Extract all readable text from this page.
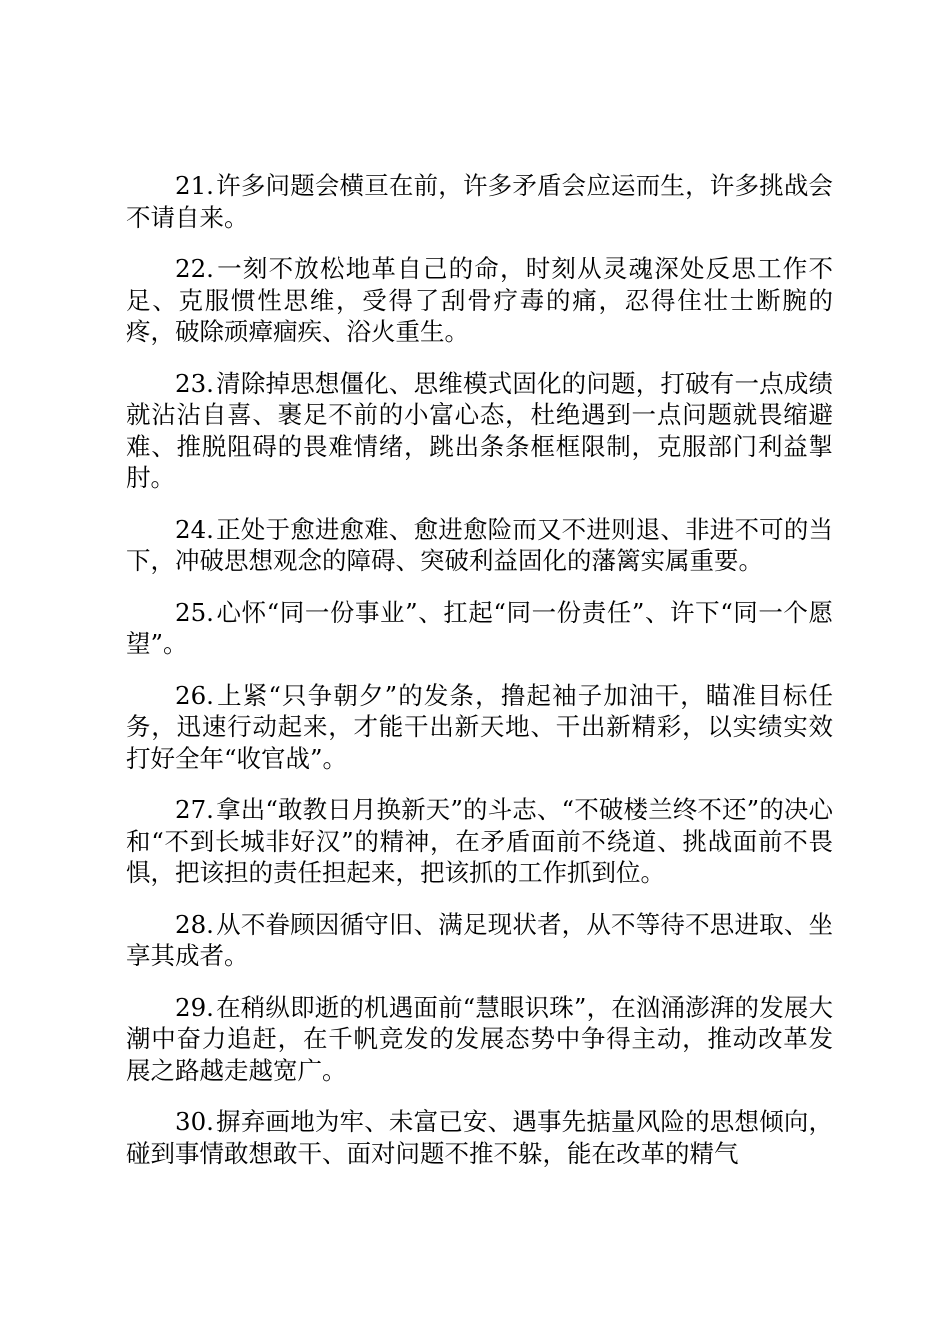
21.许多问题会横亘在前，许多矛盾会应运而生，许多挑战会不请自来。

22.一刻不放松地革自己的命，时刻从灵魂深处反思工作不足、克服惯性思维，受得了刮骨疗毒的痛，忍得住壮士断腕的疼，破除顽瘴痼疾、浴火重生。

23.清除掉思想僵化、思维模式固化的问题，打破有一点成绩就沾沾自喜、裹足不前的小富心态，杜绝遇到一点问题就畏缩避难、推脱阻碍的畏难情绪，跳出条条框框限制，克服部门利益掣肘。

24.正处于愈进愈难、愈进愈险而又不进则退、非进不可的当下，冲破思想观念的障碍、突破利益固化的藩篱实属重要。

25.心怀“同一份事业”、扛起“同一份责任”、许下“同一个愿望”。

26.上紧“只争朝夕”的发条，撸起袖子加油干，瞄准目标任务，迅速行动起来，才能干出新天地、干出新精彩，以实绩实效打好全年“收官战”。

27.拿出“敢教日月换新天”的斗志、“不破楼兰终不还”的决心和“不到长城非好汉”的精神，在矛盾面前不绕道、挑战面前不畏惧，把该担的责任担起来，把该抓的工作抓到位。

28.从不眷顾因循守旧、满足现状者，从不等待不思进取、坐享其成者。

29.在稍纵即逝的机遇面前“慧眼识珠”，在汹涌澎湃的发展大潮中奋力追赶，在千帆竞发的发展态势中争得主动，推动改革发展之路越走越宽广。

30.摒弃画地为牢、未富已安、遇事先掂量风险的思想倾向，碰到事情敢想敢干、面对问题不推不躲，能在改革的精气
